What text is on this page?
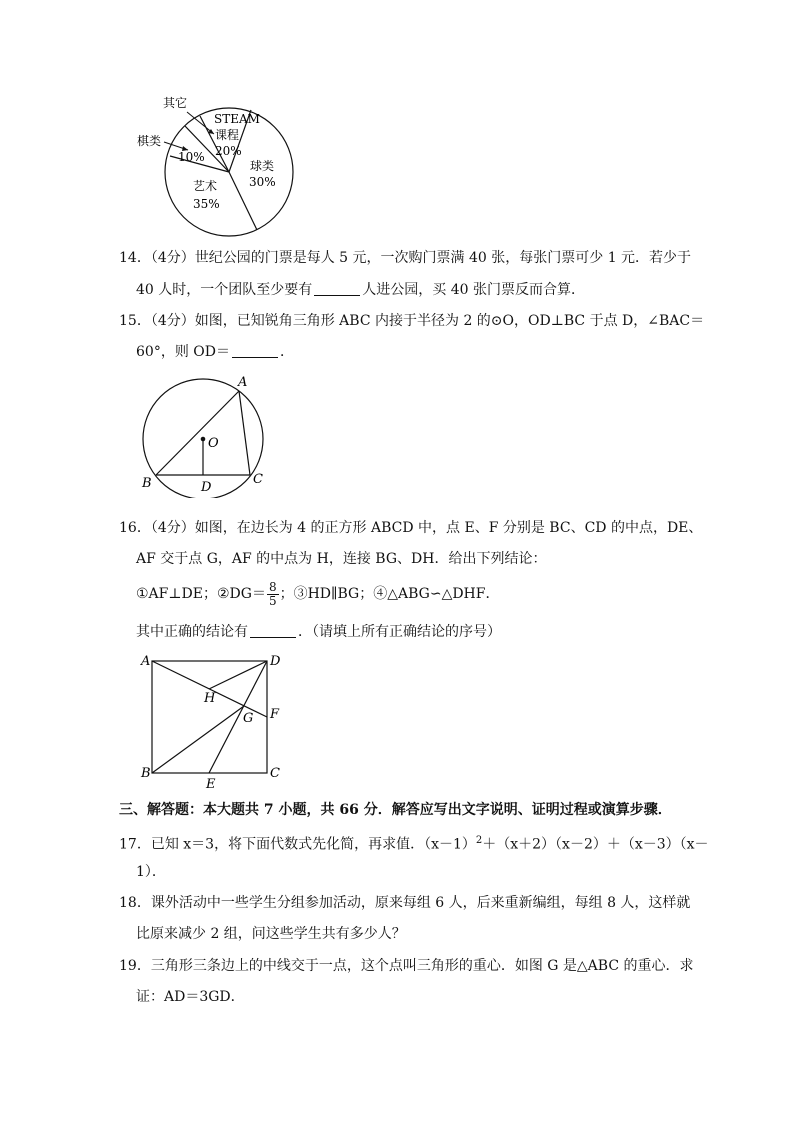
其它
棋类
10%
STEAM
课程
20%
球类
30%
艺术
35%
14．（4分）世纪公园的门票是每人 5 元，一次购门票满 40 张，每张门票可少 1 元．若少于
40 人时，一个团队至少要有	人进公园，买 40 张门票反而合算．
15．（4分）如图，已知锐角三角形 ABC 内接于半径为 2 的⊙O，OD⊥BC 于点 D，∠BAC＝
60°，则 OD＝	．
A
B	C
D
O
16．（4分）如图，在边长为 4 的正方形 ABCD 中，点 E、F 分别是 BC、CD 的中点，DE、
AF 交于点 G，AF 的中点为 H，连接 BG、DH．给出下列结论：
①AF⊥DE；②DG＝ $\frac{8}{5}$ ；③HD∥BG；④△ABG∽△DHF．
其中正确的结论有	．（请填上所有正确结论的序号）
A	D
B	C
E
F
G
H
三、解答题：本大题共 7 小题，共 66 分．解答应写出文字说明、证明过程或演算步骤．
17．已知 x＝3，将下面代数式先化简，再求值．$(x-1)^2+(x+2)(x-2)+(x-3)(x-$
1）．
18．课外活动中一些学生分组参加活动，原来每组 6 人，后来重新编组，每组 8 人，这样就
比原来减少 2 组，问这些学生共有多少人？
19．三角形三条边上的中线交于一点，这个点叫三角形的重心．如图 G 是△ABC 的重心．求
证：AD＝3GD．
